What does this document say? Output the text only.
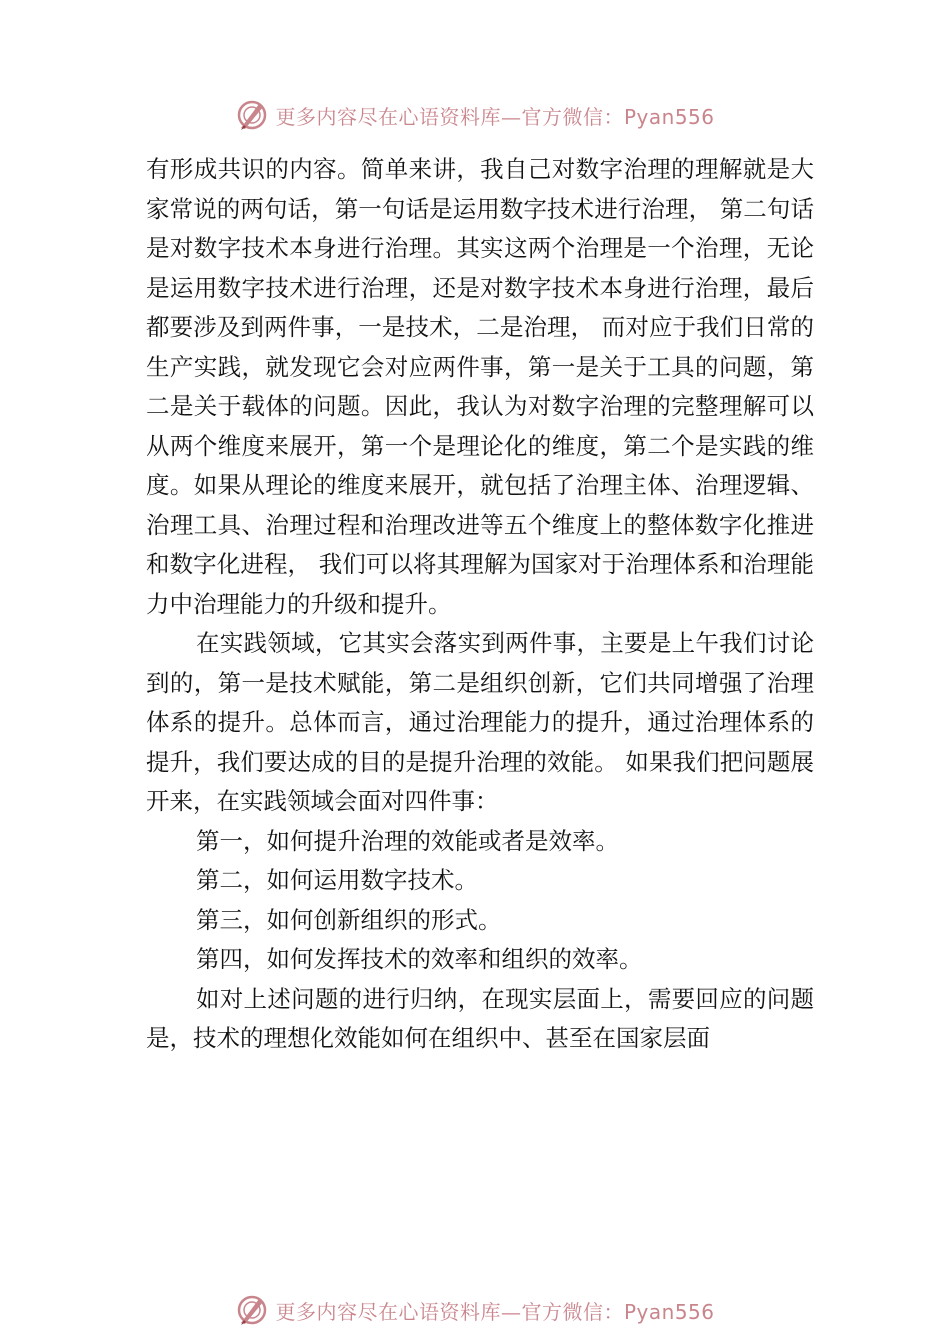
更多内容尽在心语资料库—官方微信：Pyan556

有形成共识的内容。简单来讲，我自己对数字治理的理解就是大家常说的两句话，第一句话是运用数字技术进行治理， 第二句话是对数字技术本身进行治理。其实这两个治理是一个治理，无论是运用数字技术进行治理，还是对数字技术本身进行治理，最后都要涉及到两件事，一是技术，二是治理， 而对应于我们日常的生产实践，就发现它会对应两件事，第一是关于工具的问题，第二是关于载体的问题。因此，我认为对数字治理的完整理解可以从两个维度来展开，第一个是理论化的维度，第二个是实践的维度。如果从理论的维度来展开，就包括了治理主体、治理逻辑、治理工具、治理过程和治理改进等五个维度上的整体数字化推进和数字化进程， 我们可以将其理解为国家对于治理体系和治理能力中治理能力的升级和提升。

在实践领域，它其实会落实到两件事，主要是上午我们讨论到的，第一是技术赋能，第二是组织创新，它们共同增强了治理体系的提升。总体而言，通过治理能力的提升，通过治理体系的提升，我们要达成的目的是提升治理的效能。 如果我们把问题展开来，在实践领域会面对四件事：

第一，如何提升治理的效能或者是效率。

第二，如何运用数字技术。

第三，如何创新组织的形式。

第四，如何发挥技术的效率和组织的效率。

如对上述问题的进行归纳，在现实层面上，需要回应的问题是，技术的理想化效能如何在组织中、甚至在国家层面

更多内容尽在心语资料库—官方微信：Pyan556
